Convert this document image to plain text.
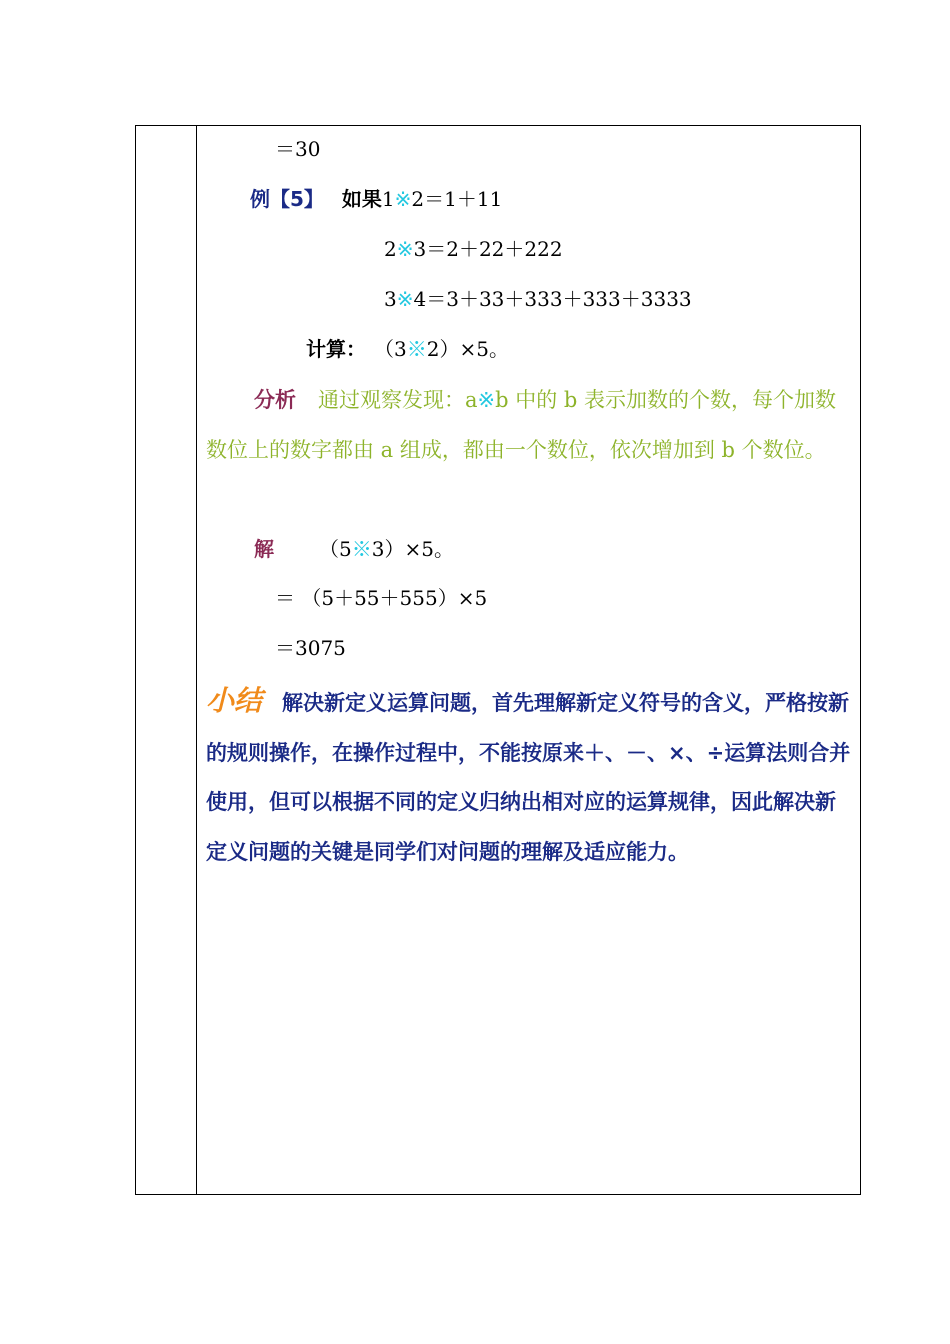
＝30
例【5】 如果1※2＝1＋11
2※3＝2＋22＋222
3※4＝3＋33＋333＋333＋3333
计算： （3※2）×5。
分析 通过观察发现：a※b 中的 b 表示加数的个数，每个加数数位上的数字都由 a 组成，都由一个数位，依次增加到 b 个数位。
解 （5※3）×5。
＝ （5＋55＋555）×5
＝3075
小结 解决新定义运算问题，首先理解新定义符号的含义，严格按新的规则操作，在操作过程中，不能按原来＋、－、×、÷运算法则合并使用，但可以根据不同的定义归纳出相对应的运算规律，因此解决新定义问题的关键是同学们对问题的理解及适应能力。
